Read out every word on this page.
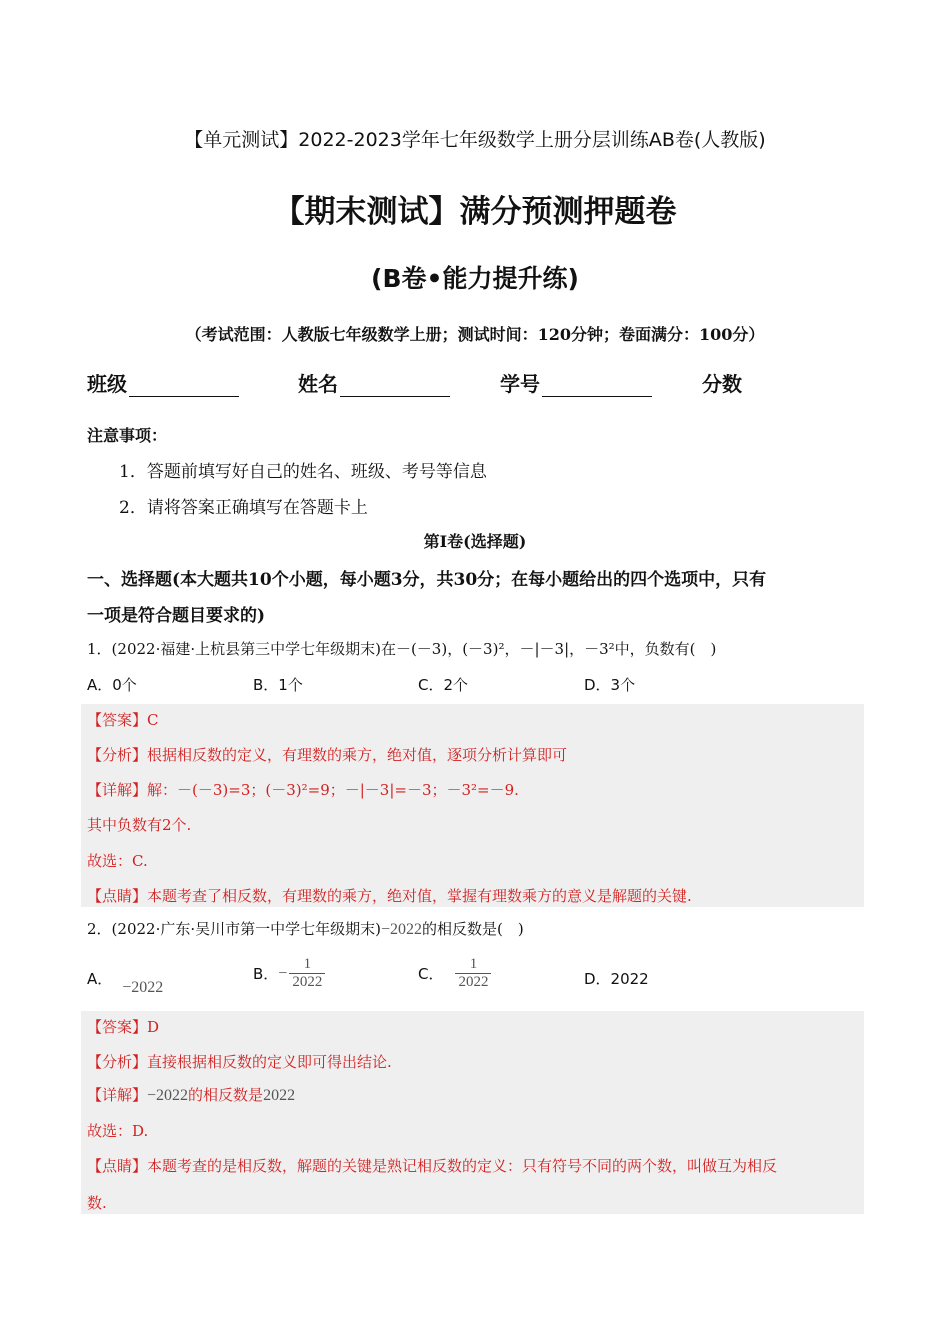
【单元测试】2022-2023学年七年级数学上册分层训练AB卷(人教版)
【期末测试】满分预测押题卷
(B卷•能力提升练)
（考试范围：人教版七年级数学上册；测试时间：120分钟；卷面满分：100分）
班级	姓名	学号	分数
注意事项：
1．答题前填写好自己的姓名、班级、考号等信息
2．请将答案正确填写在答题卡上
第I卷(选择题)
一、选择题(本大题共10个小题，每小题3分，共30分；在每小题给出的四个选项中，只有
一项是符合题目要求的)
1．(2022·福建·上杭县第三中学七年级期末)在－(－3)，(－3)²，－|－3|，－3²中，负数有(　)
A．0个	B．1个	C．2个	D．3个
【答案】C
【分析】根据相反数的定义，有理数的乘方，绝对值，逐项分析计算即可
【详解】解：－(－3)=3；(－3)²=9；－|－3|=－3；－3²=－9.
其中负数有2个.
故选：C.
【点睛】本题考查了相反数，有理数的乘方，绝对值，掌握有理数乘方的意义是解题的关键.
2．(2022·广东·吴川市第一中学七年级期末)−2022的相反数是(　)
A． −2022
B．− $\frac{1}{2022}$	C． $\frac{1}{2022}$	D．2022
【答案】D
【分析】直接根据相反数的定义即可得出结论.
【详解】−2022的相反数是2022
故选：D.
【点睛】本题考查的是相反数，解题的关键是熟记相反数的定义：只有符号不同的两个数，叫做互为相反
数.
